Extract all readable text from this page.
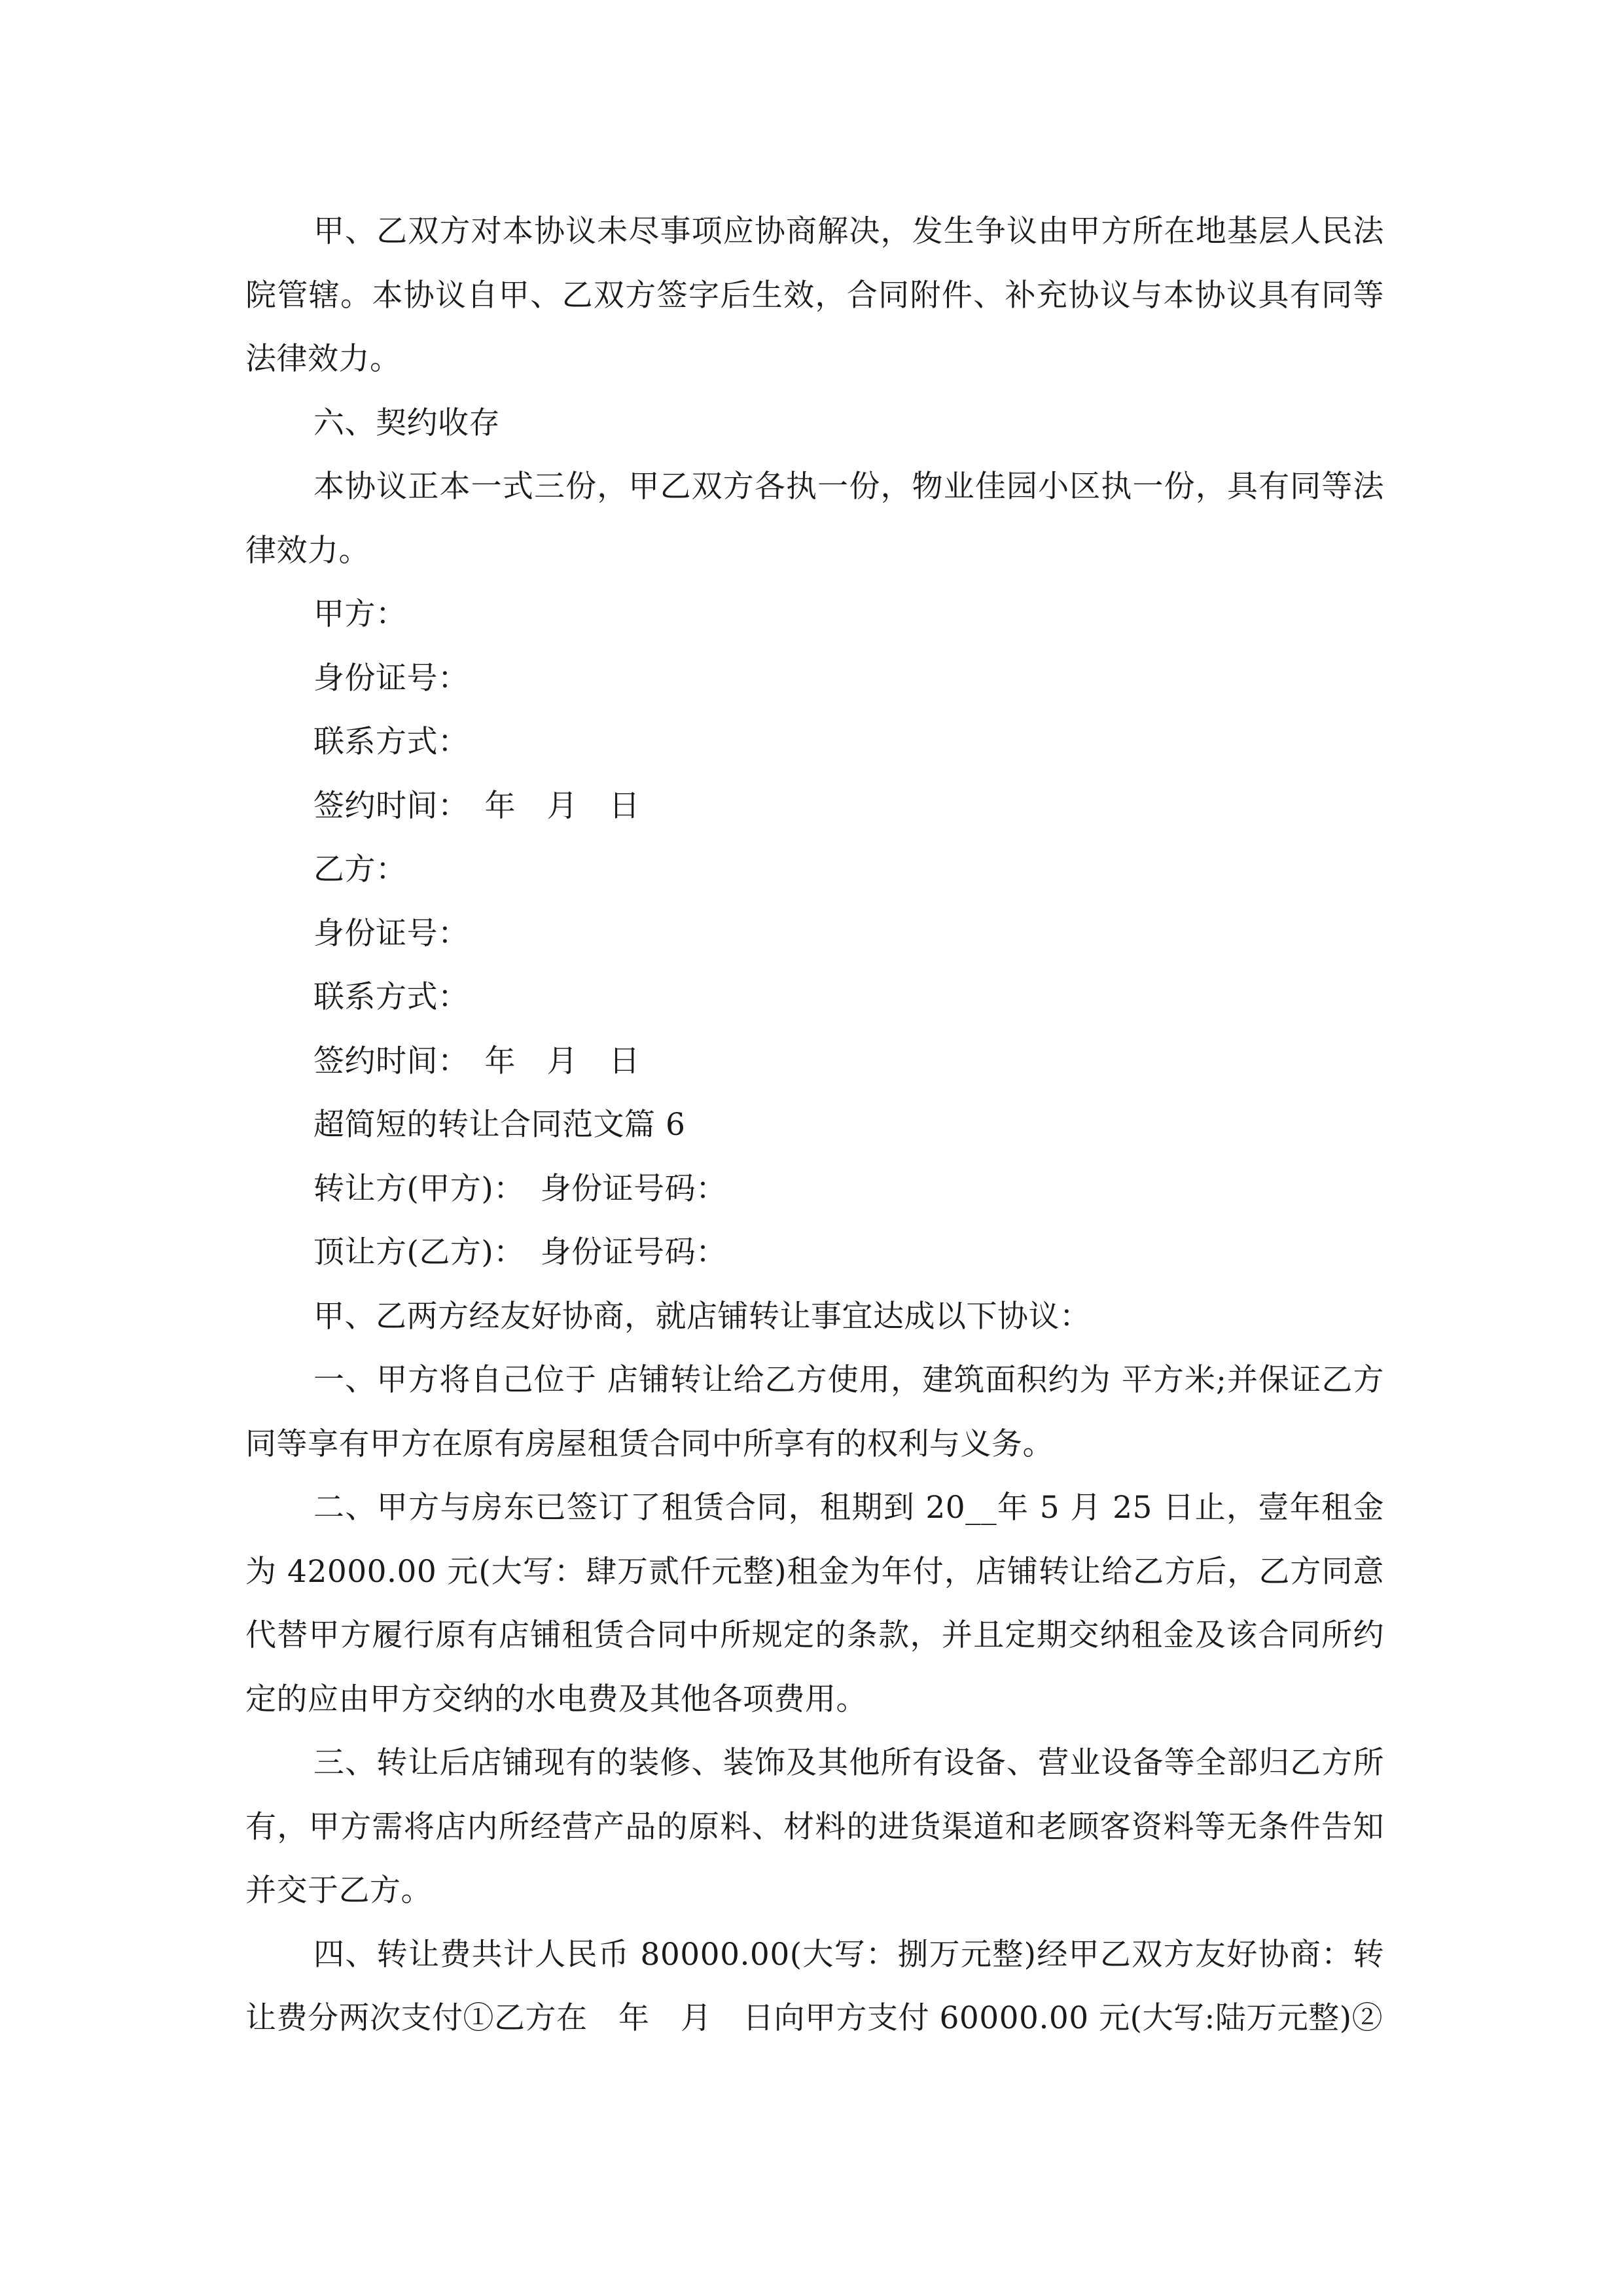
甲、乙双方对本协议未尽事项应协商解决，发生争议由甲方所在地基层人民法院管辖。本协议自甲、乙双方签字后生效，合同附件、补充协议与本协议具有同等法律效力。

六、契约收存

本协议正本一式三份，甲乙双方各执一份，物业佳园小区执一份，具有同等法律效力。

甲方：

身份证号：

联系方式：

签约时间：　年　月　日

乙方：

身份证号：

联系方式：

签约时间：　年　月　日

超简短的转让合同范文篇 6

转让方(甲方)：　身份证号码：

顶让方(乙方)：　身份证号码：

甲、乙两方经友好协商，就店铺转让事宜达成以下协议：

一、甲方将自己位于 店铺转让给乙方使用，建筑面积约为 平方米;并保证乙方同等享有甲方在原有房屋租赁合同中所享有的权利与义务。

二、甲方与房东已签订了租赁合同，租期到 20__年 5 月 25 日止，壹年租金为 42000.00 元(大写：肆万贰仟元整)租金为年付，店铺转让给乙方后，乙方同意代替甲方履行原有店铺租赁合同中所规定的条款，并且定期交纳租金及该合同所约定的应由甲方交纳的水电费及其他各项费用。

三、转让后店铺现有的装修、装饰及其他所有设备、营业设备等全部归乙方所有，甲方需将店内所经营产品的原料、材料的进货渠道和老顾客资料等无条件告知并交于乙方。

四、转让费共计人民币 80000.00(大写：捌万元整)经甲乙双方友好协商：转让费分两次支付①乙方在　年　月　日向甲方支付 60000.00 元(大写:陆万元整)②
